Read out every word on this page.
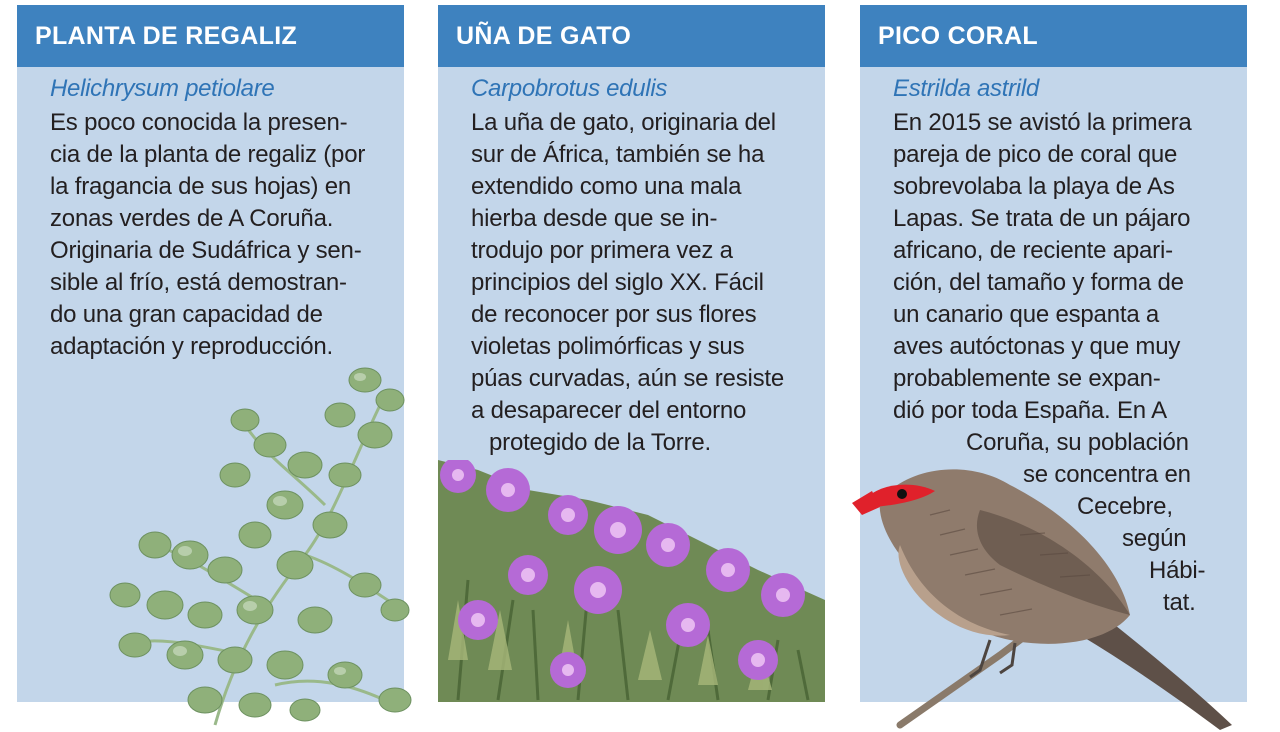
PLANTA DE REGALIZ
Helichrysum petiolare
Es poco conocida la presen-
cia de la planta de regaliz (por
la fragancia de sus hojas) en
zonas verdes de A Coruña.
Originaria de Sudáfrica y sen-
sible al frío, está demostran-
do una gran capacidad de
adaptación y reproducción.
UÑA DE GATO
Carpobrotus edulis
La uña de gato, originaria del
sur de África, también se ha
extendido como una mala
hierba desde que se in-
trodujo por primera vez a
principios del siglo XX. Fácil
de reconocer por sus flores
violetas polimórficas y sus
púas curvadas, aún se resiste
a desaparecer del entorno
protegido de la Torre.
PICO CORAL
Estrilda astrild
En 2015 se avistó la primera
pareja de pico de coral que
sobrevolaba la playa de As
Lapas. Se trata de un pájaro
africano, de reciente apari-
ción, del tamaño y forma de
un canario que espanta a
aves autóctonas y que muy
probablemente se expan-
dió por toda España. En A
Coruña, su población
se concentra en
Cecebre,
según
Hábi-
tat.
